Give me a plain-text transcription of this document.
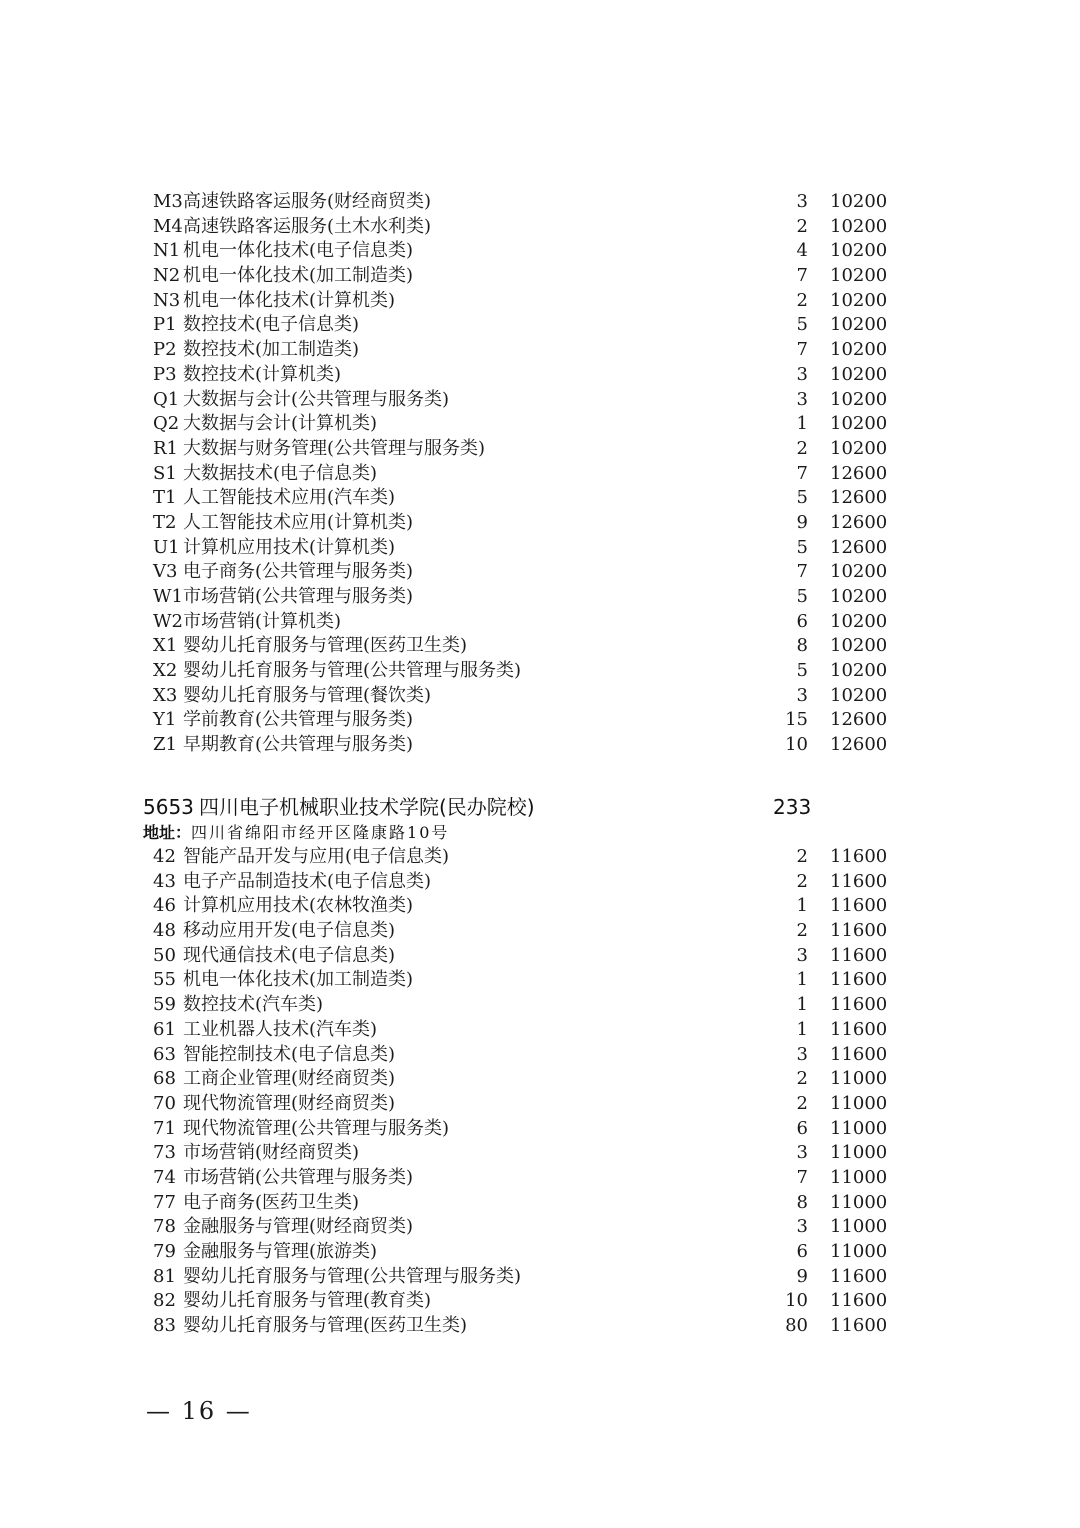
M3 高速铁路客运服务(财经商贸类)	3 10200
M4 高速铁路客运服务(土木水利类)	2 10200
N1 机电一体化技术(电子信息类)	4 10200
N2 机电一体化技术(加工制造类)	7 10200
N3 机电一体化技术(计算机类)	2 10200
P1 数控技术(电子信息类)	5 10200
P2 数控技术(加工制造类)	7 10200
P3 数控技术(计算机类)	3 10200
Q1 大数据与会计(公共管理与服务类)	3 10200
Q2 大数据与会计(计算机类)	1 10200
R1 大数据与财务管理(公共管理与服务类)	2 10200
S1 大数据技术(电子信息类)	7 12600
T1 人工智能技术应用(汽车类)	5 12600
T2 人工智能技术应用(计算机类)	9 12600
U1 计算机应用技术(计算机类)	5 12600
V3 电子商务(公共管理与服务类)	7 10200
W1 市场营销(公共管理与服务类)	5 10200
W2 市场营销(计算机类)	6 10200
X1 婴幼儿托育服务与管理(医药卫生类)	8 10200
X2 婴幼儿托育服务与管理(公共管理与服务类)	5 10200
X3 婴幼儿托育服务与管理(餐饮类)	3 10200
Y1 学前教育(公共管理与服务类)	15 12600
Z1 早期教育(公共管理与服务类)	10 12600
5653 四川电子机械职业技术学院(民办院校)	233
地址：四川省绵阳市经开区隆康路10号
42 智能产品开发与应用(电子信息类)	2 11600
43 电子产品制造技术(电子信息类)	2 11600
46 计算机应用技术(农林牧渔类)	1 11600
48 移动应用开发(电子信息类)	2 11600
50 现代通信技术(电子信息类)	3 11600
55 机电一体化技术(加工制造类)	1 11600
59 数控技术(汽车类)	1 11600
61 工业机器人技术(汽车类)	1 11600
63 智能控制技术(电子信息类)	3 11600
68 工商企业管理(财经商贸类)	2 11000
70 现代物流管理(财经商贸类)	2 11000
71 现代物流管理(公共管理与服务类)	6 11000
73 市场营销(财经商贸类)	3 11000
74 市场营销(公共管理与服务类)	7 11000
77 电子商务(医药卫生类)	8 11000
78 金融服务与管理(财经商贸类)	3 11000
79 金融服务与管理(旅游类)	6 11000
81 婴幼儿托育服务与管理(公共管理与服务类)	9 11600
82 婴幼儿托育服务与管理(教育类)	10 11600
83 婴幼儿托育服务与管理(医药卫生类)	80 11600
— 16 —
